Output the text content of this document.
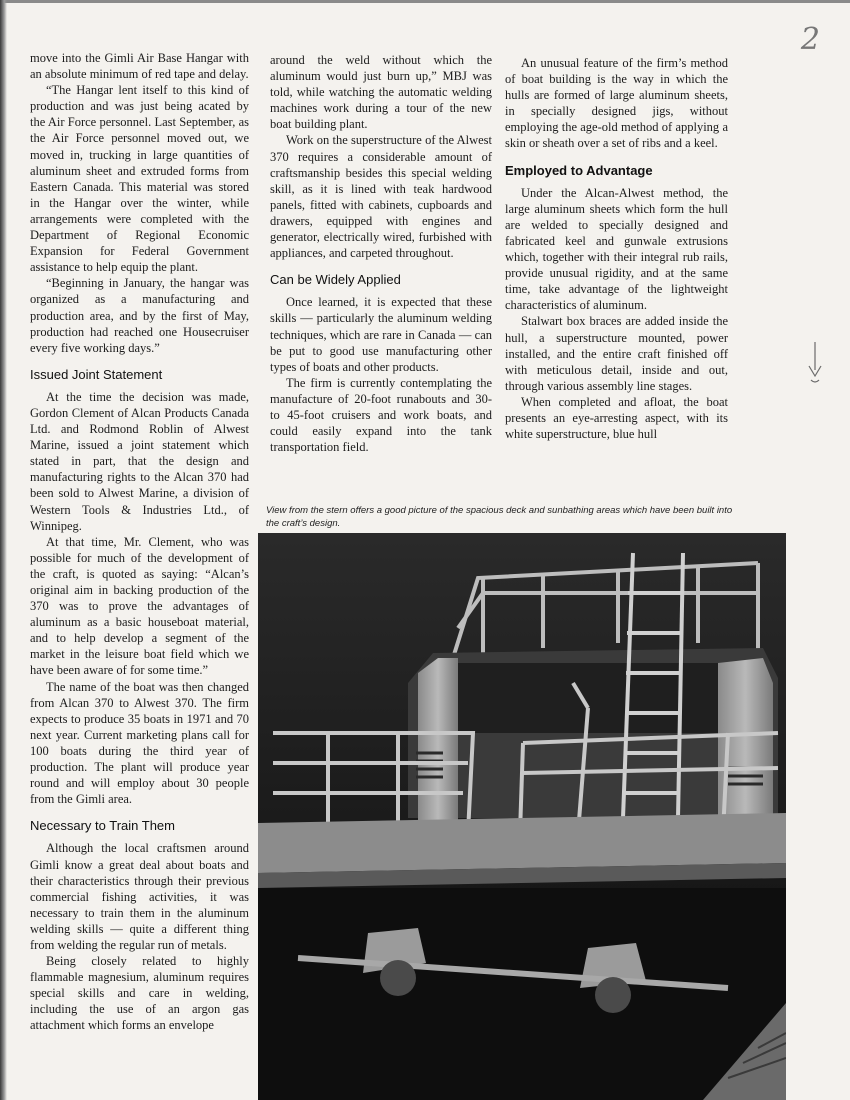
2

move into the Gimli Air Base Hangar with an absolute minimum of red tape and delay.

“The Hangar lent itself to this kind of production and was just being acated by the Air Force personnel. Last September, as the Air Force personnel moved out, we moved in, trucking in large quantities of aluminum sheet and extruded forms from Eastern Canada. This material was stored in the Hangar over the winter, while arrangements were completed with the Department of Regional Economic Expansion for Federal Government assistance to help equip the plant.

“Beginning in January, the hangar was organized as a manufacturing and production area, and by the first of May, production had reached one Housecruiser every five working days.”

Issued Joint Statement

At the time the decision was made, Gordon Clement of Alcan Products Canada Ltd. and Rodmond Roblin of Alwest Marine, issued a joint statement which stated in part, that the design and manufacturing rights to the Alcan 370 had been sold to Alwest Marine, a division of Western Tools & Industries Ltd., of Winnipeg.

At that time, Mr. Clement, who was possible for much of the development of the craft, is quoted as saying: “Alcan’s original aim in backing production of the 370 was to prove the advantages of aluminum as a basic houseboat material, and to help develop a segment of the market in the leisure boat field which we have been aware of for some time.”

The name of the boat was then changed from Alcan 370 to Alwest 370. The firm expects to produce 35 boats in 1971 and 70 next year. Current marketing plans call for 100 boats during the third year of production. The plant will produce year round and will employ about 30 people from the Gimli area.

Necessary to Train Them

Although the local craftsmen around Gimli know a great deal about boats and their characteristics through their previous commercial fishing activities, it was necessary to train them in the aluminum welding skills — quite a different thing from welding the regular run of metals.

Being closely related to highly flammable magnesium, aluminum requires special skills and care in welding, including the use of an argon gas attachment which forms an envelope

around the weld without which the aluminum would just burn up,” MBJ was told, while watching the automatic welding machines work during a tour of the new boat building plant.

Work on the superstructure of the Alwest 370 requires a considerable amount of craftsmanship besides this special welding skill, as it is lined with teak hardwood panels, fitted with cabinets, cupboards and drawers, equipped with engines and generator, electrically wired, furbished with appliances, and carpeted throughout.

Can be Widely Applied

Once learned, it is expected that these skills — particularly the aluminum welding techniques, which are rare in Canada — can be put to good use manufacturing other types of boats and other products.

The firm is currently contemplating the manufacture of 20-foot runabouts and 30- to 45-foot cruisers and work boats, and could easily expand into the tank transportation field.

An unusual feature of the firm’s method of boat building is the way in which the hulls are formed of large aluminum sheets, in specially designed jigs, without employing the age-old method of applying a skin or sheath over a set of ribs and a keel.

Employed to Advantage

Under the Alcan-Alwest method, the large aluminum sheets which form the hull are welded to specially designed and fabricated keel and gunwale extrusions which, together with their integral rub rails, provide unusual rigidity, and at the same time, take advantage of the lightweight characteristics of aluminum.

Stalwart box braces are added inside the hull, a superstructure mounted, power installed, and the entire craft finished off with meticulous detail, inside and out, through various assembly line stages.

When completed and afloat, the boat presents an eye-arresting aspect, with its white superstructure, blue hull

View from the stern offers a good picture of the spacious deck and sunbathing areas which have been built into the craft’s design.
